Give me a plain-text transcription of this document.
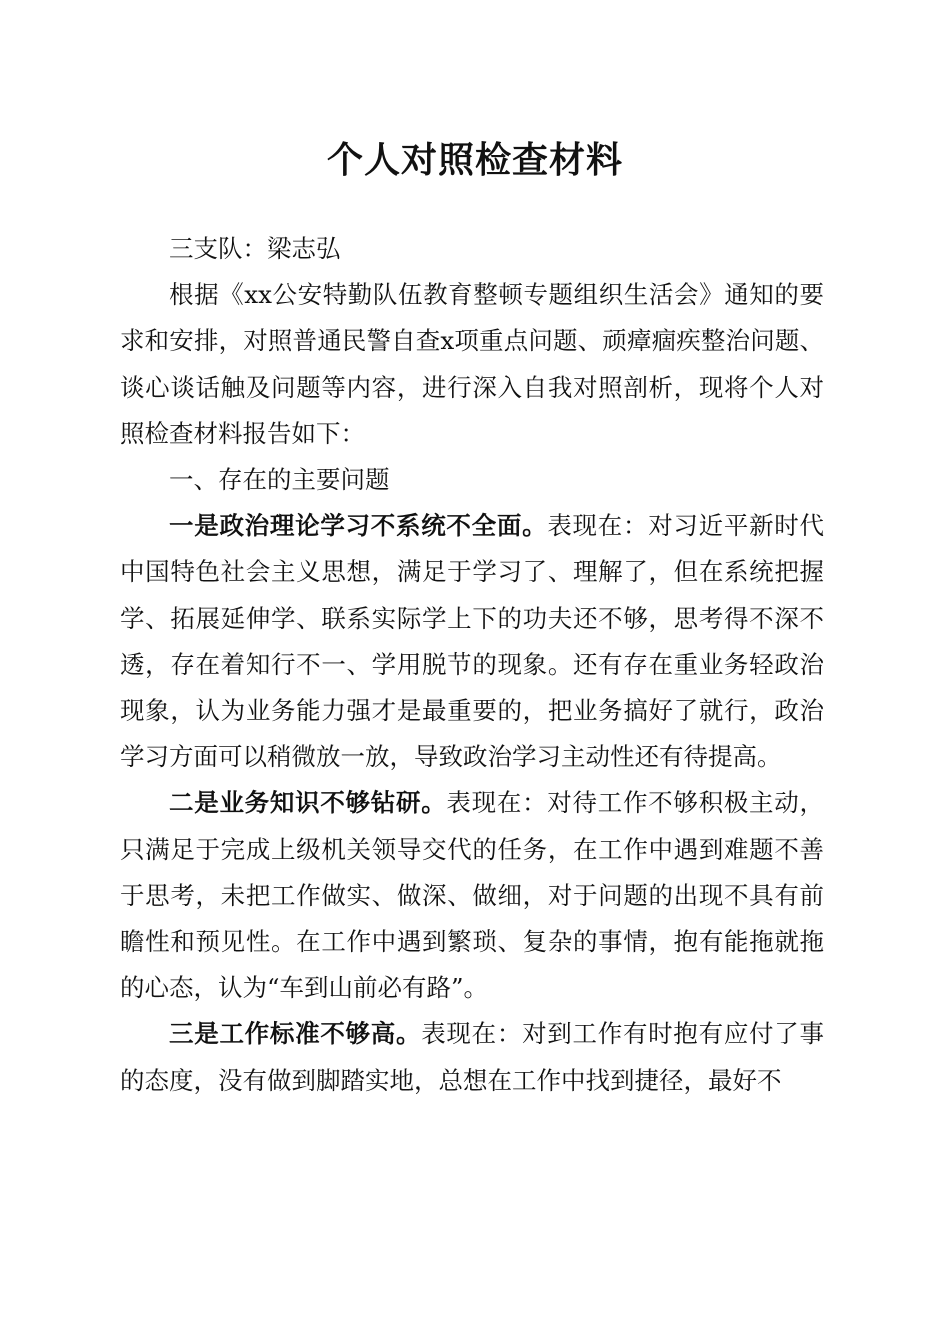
个人对照检查材料

三支队：梁志弘

根据《xx公安特勤队伍教育整顿专题组织生活会》通知的要求和安排，对照普通民警自查x项重点问题、顽瘴痼疾整治问题、谈心谈话触及问题等内容，进行深入自我对照剖析，现将个人对照检查材料报告如下：

一、存在的主要问题

一是政治理论学习不系统不全面。表现在：对习近平新时代中国特色社会主义思想，满足于学习了、理解了，但在系统把握学、拓展延伸学、联系实际学上下的功夫还不够，思考得不深不透，存在着知行不一、学用脱节的现象。还有存在重业务轻政治现象，认为业务能力强才是最重要的，把业务搞好了就行，政治学习方面可以稍微放一放，导致政治学习主动性还有待提高。

二是业务知识不够钻研。表现在：对待工作不够积极主动，只满足于完成上级机关领导交代的任务，在工作中遇到难题不善于思考，未把工作做实、做深、做细，对于问题的出现不具有前瞻性和预见性。在工作中遇到繁琐、复杂的事情，抱有能拖就拖的心态，认为“车到山前必有路”。

三是工作标准不够高。表现在：对到工作有时抱有应付了事的态度，没有做到脚踏实地，总想在工作中找到捷径，最好不
